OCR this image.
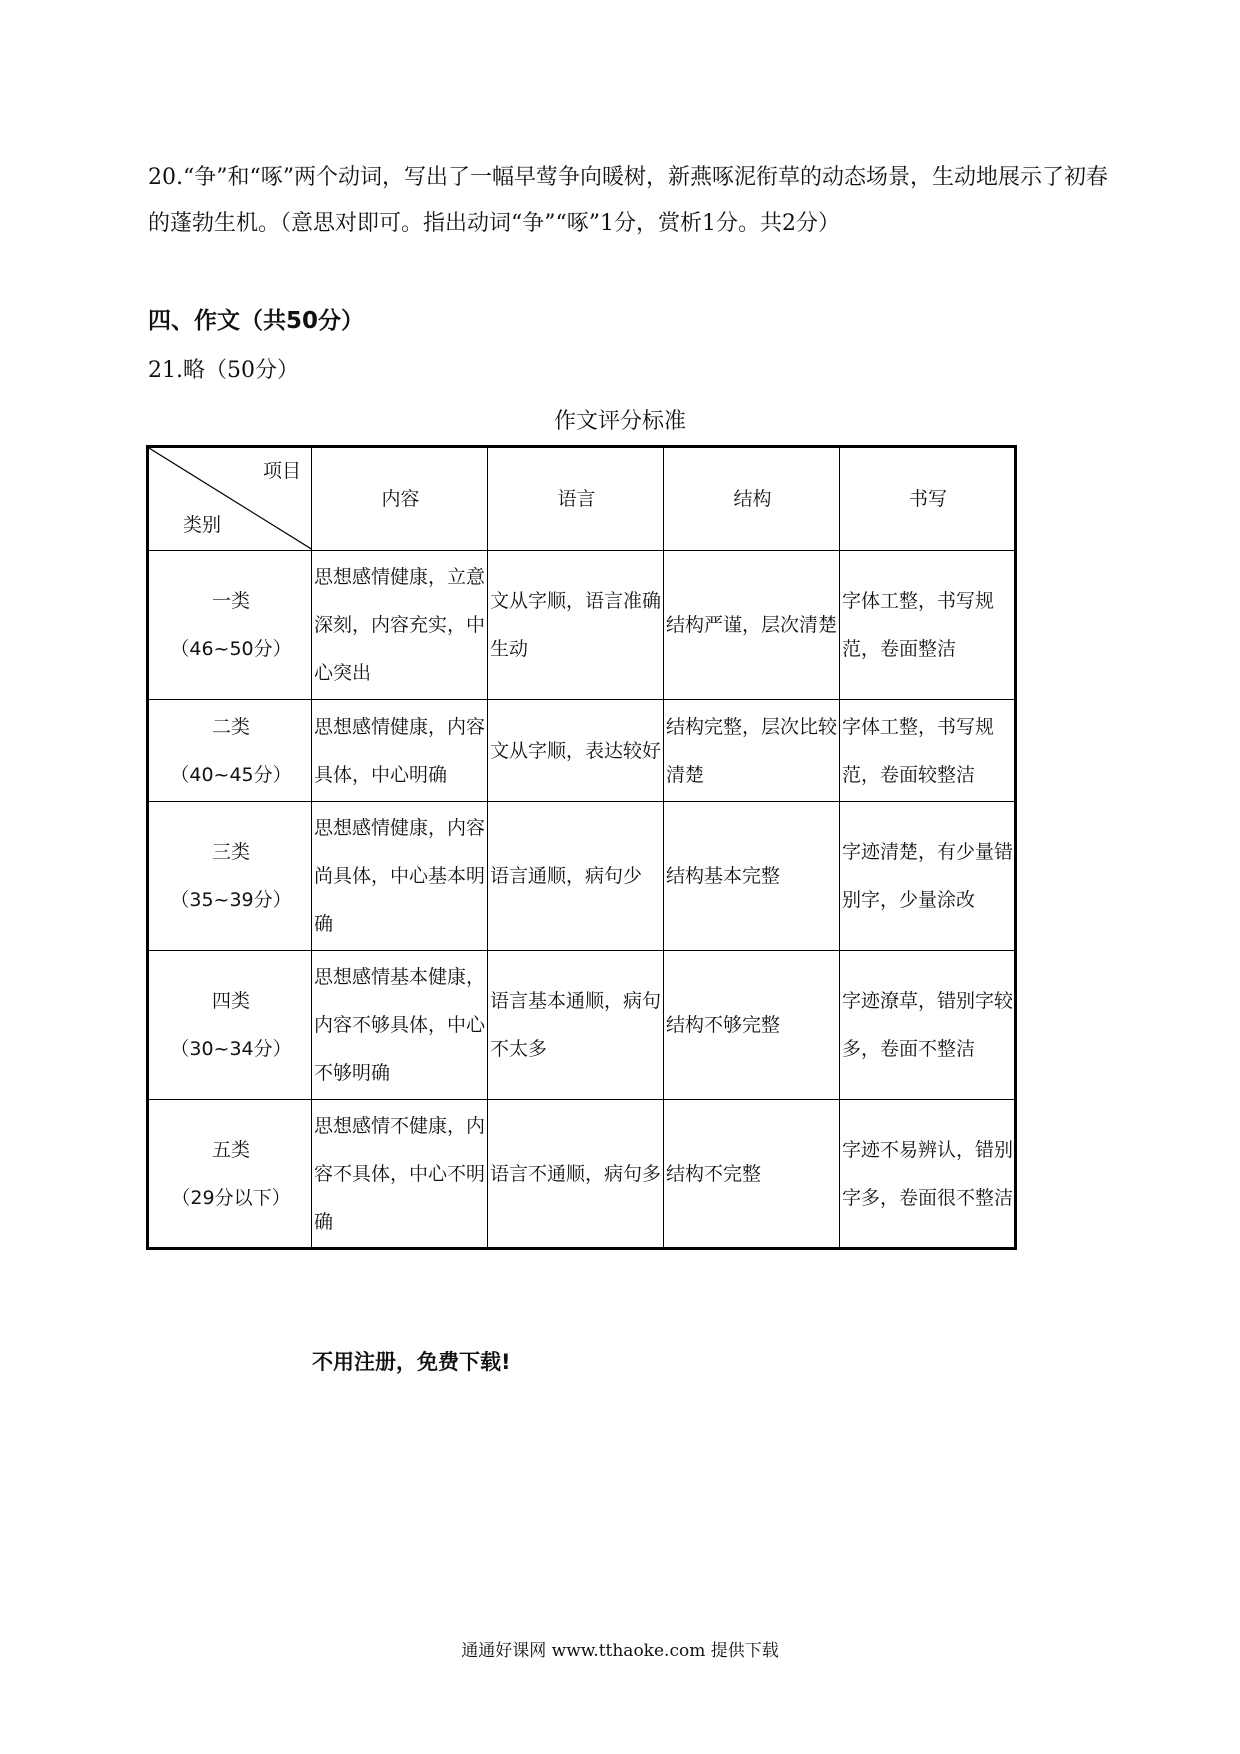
20.“争”和“啄”两个动词，写出了一幅早莺争向暖树，新燕啄泥衔草的动态场景，生动地展示了初春的蓬勃生机。（意思对即可。指出动词“争”“啄”1分，赏析1分。共2分）

四、作文（共50分）
21.略（50分）
作文评分标准
项目
类别	内容	语言	结构	书写
一类
（46~50分）	思想感情健康，立意深刻，内容充实，中心突出	文从字顺，语言准确生动	结构严谨，层次清楚	字体工整，书写规范，卷面整洁

二类
（40~45分）	思想感情健康，内容具体，中心明确	文从字顺，表达较好	结构完整，层次比较清楚	字体工整，书写规范，卷面较整洁

三类
（35~39分）	思想感情健康，内容尚具体，中心基本明确	语言通顺，病句少	结构基本完整	字迹清楚，有少量错别字，少量涂改

四类
（30~34分）	思想感情基本健康，内容不够具体，中心不够明确	语言基本通顺，病句不太多	结构不够完整	字迹潦草，错别字较多，卷面不整洁

五类
（29分以下）	思想感情不健康，内容不具体，中心不明确	语言不通顺，病句多	结构不完整	字迹不易辨认，错别字多，卷面很不整洁
不用注册，免费下载!
通通好课网 www.tthaoke.com 提供下载
